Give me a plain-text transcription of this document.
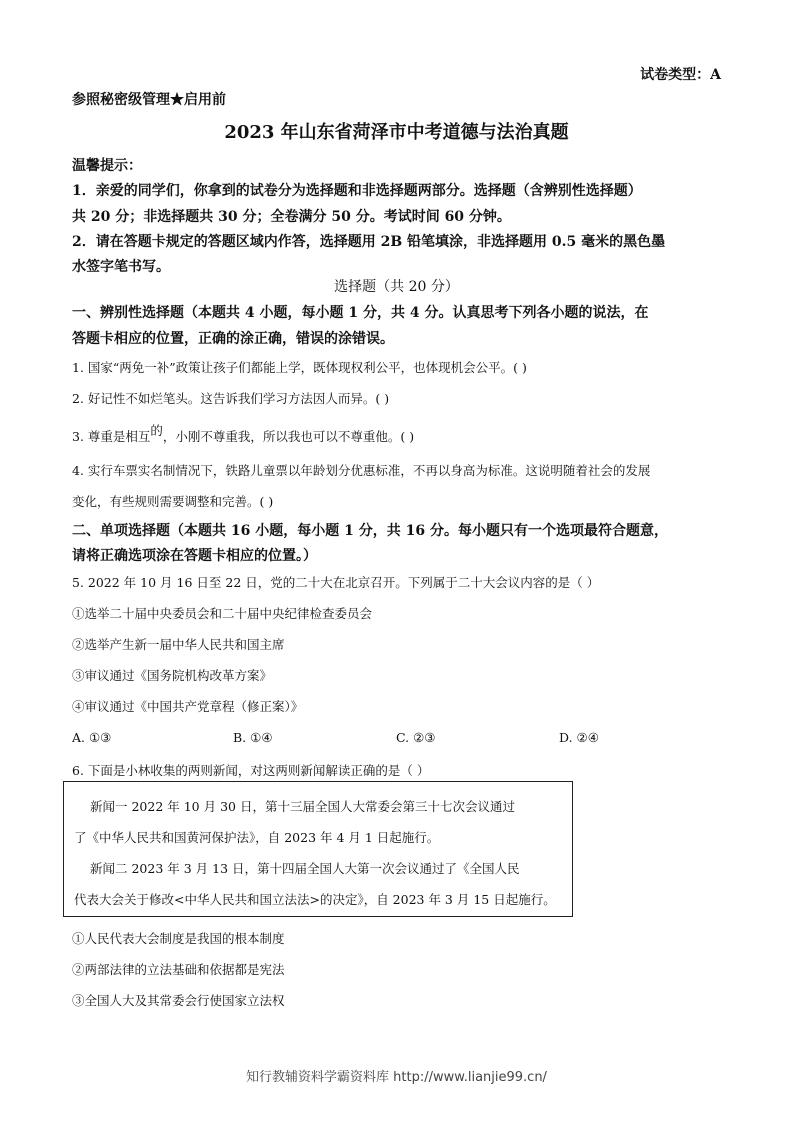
试卷类型：A
参照秘密级管理★启用前
2023 年山东省菏泽市中考道德与法治真题
温馨提示：
1．亲爱的同学们，你拿到的试卷分为选择题和非选择题两部分。选择题（含辨别性选择题）
共 20 分；非选择题共 30 分；全卷满分 50 分。考试时间 60 分钟。
2．请在答题卡规定的答题区域内作答，选择题用 2B 铅笔填涂，非选择题用 0.5 毫米的黑色墨
水签字笔书写。
选择题（共 20 分）
一、辨别性选择题（本题共 4 小题，每小题 1 分，共 4 分。认真思考下列各小题的说法，在
答题卡相应的位置，正确的涂正确，错误的涂错误。
1. 国家“两免一补”政策让孩子们都能上学，既体现权利公平，也体现机会公平。( )
2. 好记性不如烂笔头。这告诉我们学习方法因人而异。( )
3. 尊重是相互的，小刚不尊重我，所以我也可以不尊重他。( )
4. 实行车票实名制情况下，铁路儿童票以年龄划分优惠标准，不再以身高为标准。这说明随着社会的发展
变化，有些规则需要调整和完善。( )
二、单项选择题（本题共 16 小题，每小题 1 分，共 16 分。每小题只有一个选项最符合题意，
请将正确选项涂在答题卡相应的位置。）
5. 2022 年 10 月 16 日至 22 日，党的二十大在北京召开。下列属于二十大会议内容的是（ ）
①选举二十届中央委员会和二十届中央纪律检查委员会
②选举产生新一届中华人民共和国主席
③审议通过《国务院机构改革方案》
④审议通过《中国共产党章程（修正案）》
A. ①③	B. ①④	C. ②③	D. ②④
6. 下面是小林收集的两则新闻，对这两则新闻解读正确的是（ ）
新闻一 2022 年 10 月 30 日，第十三届全国人大常委会第三十七次会议通过
了《中华人民共和国黄河保护法》，自 2023 年 4 月 1 日起施行。
新闻二 2023 年 3 月 13 日，第十四届全国人大第一次会议通过了《全国人民
代表大会关于修改<中华人民共和国立法法>的决定》，自 2023 年 3 月 15 日起施行。
①人民代表大会制度是我国的根本制度
②两部法律的立法基础和依据都是宪法
③全国人大及其常委会行使国家立法权
知行教辅资料学霸资料库 http://www.lianjie99.cn/
